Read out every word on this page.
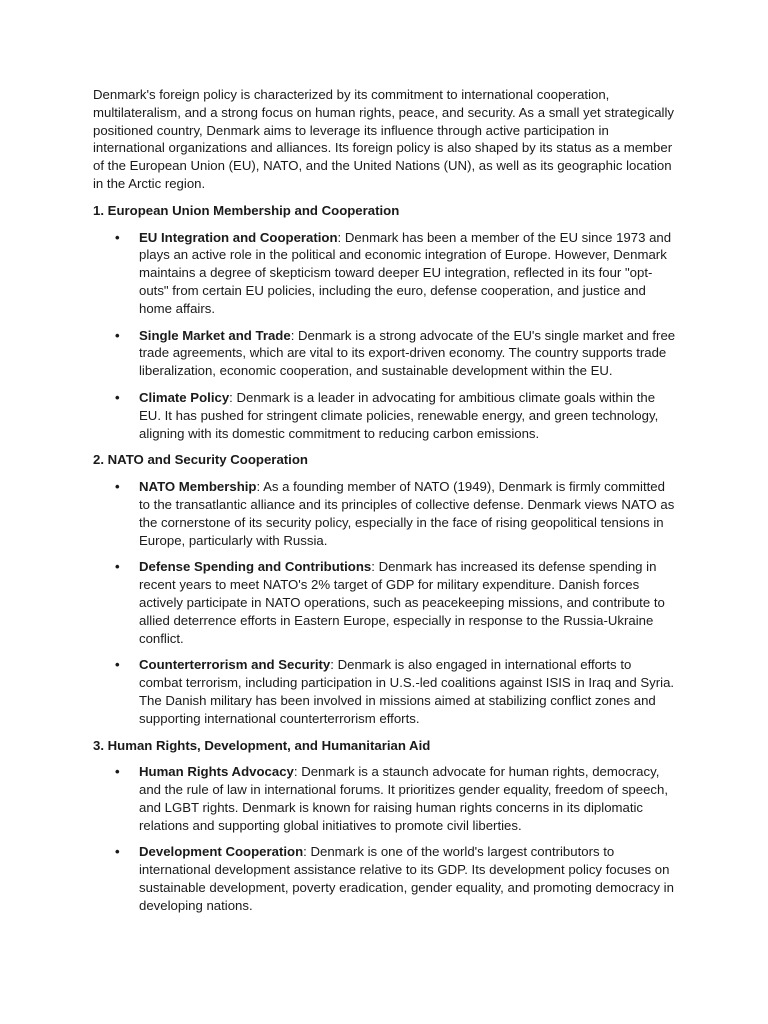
Denmark's foreign policy is characterized by its commitment to international cooperation, multilateralism, and a strong focus on human rights, peace, and security. As a small yet strategically positioned country, Denmark aims to leverage its influence through active participation in international organizations and alliances. Its foreign policy is also shaped by its status as a member of the European Union (EU), NATO, and the United Nations (UN), as well as its geographic location in the Arctic region.

1. European Union Membership and Cooperation

• EU Integration and Cooperation: Denmark has been a member of the EU since 1973 and plays an active role in the political and economic integration of Europe. However, Denmark maintains a degree of skepticism toward deeper EU integration, reflected in its four "opt-outs" from certain EU policies, including the euro, defense cooperation, and justice and home affairs.
• Single Market and Trade: Denmark is a strong advocate of the EU's single market and free trade agreements, which are vital to its export-driven economy. The country supports trade liberalization, economic cooperation, and sustainable development within the EU.
• Climate Policy: Denmark is a leader in advocating for ambitious climate goals within the EU. It has pushed for stringent climate policies, renewable energy, and green technology, aligning with its domestic commitment to reducing carbon emissions.

2. NATO and Security Cooperation

• NATO Membership: As a founding member of NATO (1949), Denmark is firmly committed to the transatlantic alliance and its principles of collective defense. Denmark views NATO as the cornerstone of its security policy, especially in the face of rising geopolitical tensions in Europe, particularly with Russia.
• Defense Spending and Contributions: Denmark has increased its defense spending in recent years to meet NATO's 2% target of GDP for military expenditure. Danish forces actively participate in NATO operations, such as peacekeeping missions, and contribute to allied deterrence efforts in Eastern Europe, especially in response to the Russia-Ukraine conflict.
• Counterterrorism and Security: Denmark is also engaged in international efforts to combat terrorism, including participation in U.S.-led coalitions against ISIS in Iraq and Syria. The Danish military has been involved in missions aimed at stabilizing conflict zones and supporting international counterterrorism efforts.

3. Human Rights, Development, and Humanitarian Aid

• Human Rights Advocacy: Denmark is a staunch advocate for human rights, democracy, and the rule of law in international forums. It prioritizes gender equality, freedom of speech, and LGBT rights. Denmark is known for raising human rights concerns in its diplomatic relations and supporting global initiatives to promote civil liberties.
• Development Cooperation: Denmark is one of the world's largest contributors to international development assistance relative to its GDP. Its development policy focuses on sustainable development, poverty eradication, gender equality, and promoting democracy in developing nations.
